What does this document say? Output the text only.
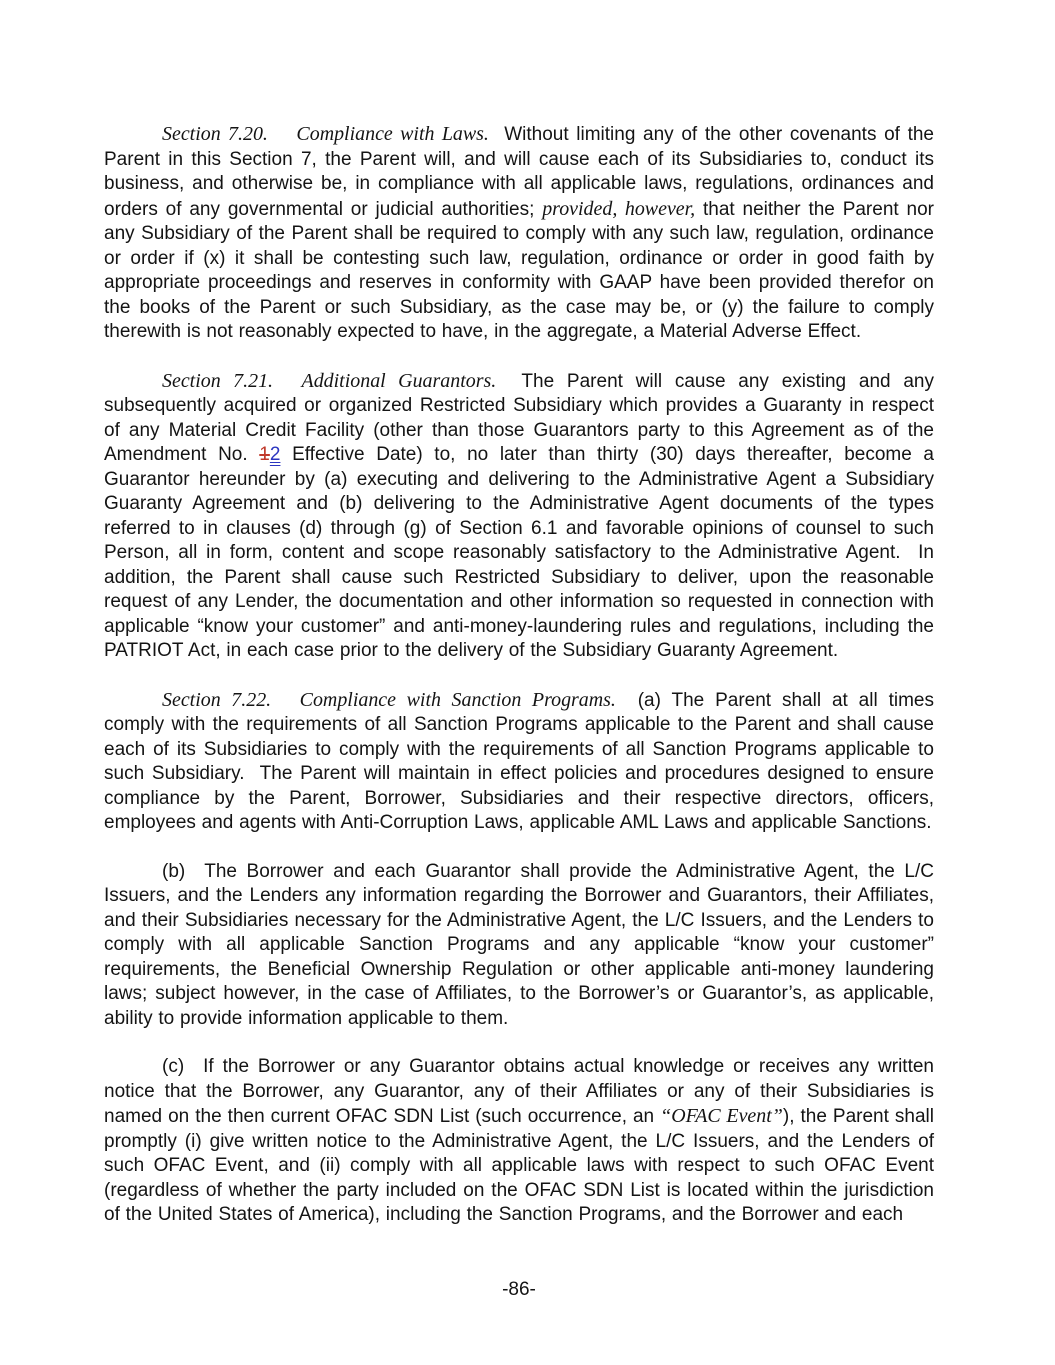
Section 7.20.   Compliance with Laws.  Without limiting any of the other covenants of the Parent in this Section 7, the Parent will, and will cause each of its Subsidiaries to, conduct its business, and otherwise be, in compliance with all applicable laws, regulations, ordinances and orders of any governmental or judicial authorities; provided, however, that neither the Parent nor any Subsidiary of the Parent shall be required to comply with any such law, regulation, ordinance or order if (x) it shall be contesting such law, regulation, ordinance or order in good faith by appropriate proceedings and reserves in conformity with GAAP have been provided therefor on the books of the Parent or such Subsidiary, as the case may be, or (y) the failure to comply therewith is not reasonably expected to have, in the aggregate, a Material Adverse Effect.

Section 7.21.   Additional Guarantors.  The Parent will cause any existing and any subsequently acquired or organized Restricted Subsidiary which provides a Guaranty in respect of any Material Credit Facility (other than those Guarantors party to this Agreement as of the Amendment No. 12 Effective Date) to, no later than thirty (30) days thereafter, become a Guarantor hereunder by (a) executing and delivering to the Administrative Agent a Subsidiary Guaranty Agreement and (b) delivering to the Administrative Agent documents of the types referred to in clauses (d) through (g) of Section 6.1 and favorable opinions of counsel to such Person, all in form, content and scope reasonably satisfactory to the Administrative Agent.  In addition, the Parent shall cause such Restricted Subsidiary to deliver, upon the reasonable request of any Lender, the documentation and other information so requested in connection with applicable “know your customer” and anti-money-laundering rules and regulations, including the PATRIOT Act, in each case prior to the delivery of the Subsidiary Guaranty Agreement.

Section 7.22.   Compliance with Sanction Programs.  (a) The Parent shall at all times comply with the requirements of all Sanction Programs applicable to the Parent and shall cause each of its Subsidiaries to comply with the requirements of all Sanction Programs applicable to such Subsidiary.  The Parent will maintain in effect policies and procedures designed to ensure compliance by the Parent, Borrower, Subsidiaries and their respective directors, officers, employees and agents with Anti-Corruption Laws, applicable AML Laws and applicable Sanctions.

(b) The Borrower and each Guarantor shall provide the Administrative Agent, the L/C Issuers, and the Lenders any information regarding the Borrower and Guarantors, their Affiliates, and their Subsidiaries necessary for the Administrative Agent, the L/C Issuers, and the Lenders to comply with all applicable Sanction Programs and any applicable “know your customer” requirements, the Beneficial Ownership Regulation or other applicable anti-money laundering laws; subject however, in the case of Affiliates, to the Borrower’s or Guarantor’s, as applicable, ability to provide information applicable to them.

(c) If the Borrower or any Guarantor obtains actual knowledge or receives any written notice that the Borrower, any Guarantor, any of their Affiliates or any of their Subsidiaries is named on the then current OFAC SDN List (such occurrence, an “OFAC Event”), the Parent shall promptly (i) give written notice to the Administrative Agent, the L/C Issuers, and the Lenders of such OFAC Event, and (ii) comply with all applicable laws with respect to such OFAC Event (regardless of whether the party included on the OFAC SDN List is located within the jurisdiction of the United States of America), including the Sanction Programs, and the Borrower and each

-86-
